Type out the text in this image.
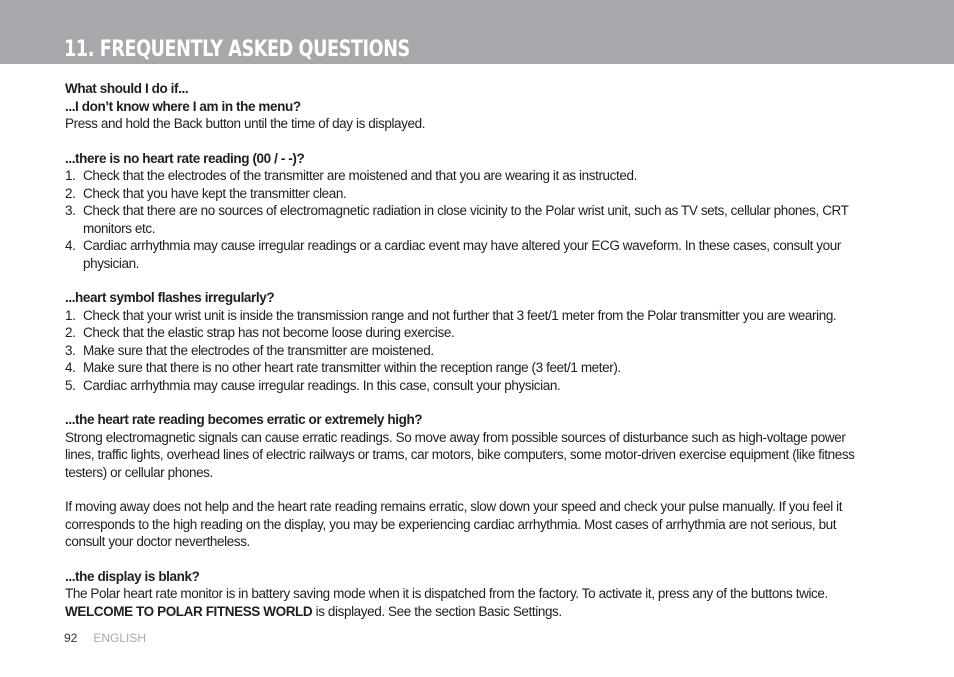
11. FREQUENTLY ASKED QUESTIONS

What should I do if...

...I don’t know where I am in the menu?

Press and hold the Back button until the time of day is displayed.

...there is no heart rate reading (00 / - -)?

1. Check that the electrodes of the transmitter are moistened and that you are wearing it as instructed.
2. Check that you have kept the transmitter clean.
3. Check that there are no sources of electromagnetic radiation in close vicinity to the Polar wrist unit, such as TV sets, cellular phones, CRT monitors etc.
4. Cardiac arrhythmia may cause irregular readings or a cardiac event may have altered your ECG waveform. In these cases, consult your physician.

...heart symbol flashes irregularly?

1. Check that your wrist unit is inside the transmission range and not further that 3 feet/1 meter from the Polar transmitter you are wearing.
2. Check that the elastic strap has not become loose during exercise.
3. Make sure that the electrodes of the transmitter are moistened.
4. Make sure that there is no other heart rate transmitter within the reception range (3 feet/1 meter).
5. Cardiac arrhythmia may cause irregular readings. In this case, consult your physician.

...the heart rate reading becomes erratic or extremely high?

Strong electromagnetic signals can cause erratic readings. So move away from possible sources of disturbance such as high-voltage power lines, traffic lights, overhead lines of electric railways or trams, car motors, bike computers, some motor-driven exercise equipment (like fitness testers) or cellular phones.

If moving away does not help and the heart rate reading remains erratic, slow down your speed and check your pulse manually. If you feel it corresponds to the high reading on the display, you may be experiencing cardiac arrhythmia. Most cases of arrhythmia are not serious, but consult your doctor nevertheless.

...the display is blank?

The Polar heart rate monitor is in battery saving mode when it is dispatched from the factory. To activate it, press any of the buttons twice.
WELCOME TO POLAR FITNESS WORLD is displayed. See the section Basic Settings.

92 ENGLISH
